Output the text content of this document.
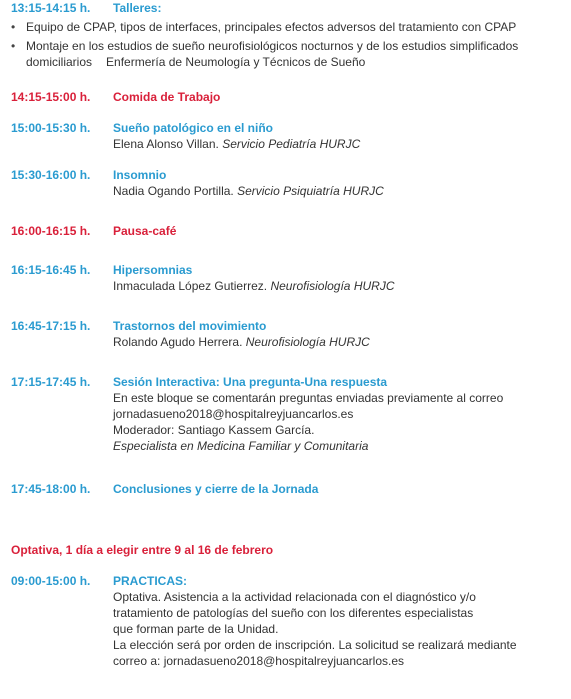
13:15-14:15 h. Talleres:
• Equipo de CPAP, tipos de interfaces, principales efectos adversos del tratamiento con CPAP
• Montaje en los estudios de sueño neurofisiológicos nocturnos y de los estudios simplificados
domiciliarios Enfermería de Neumología y Técnicos de Sueño
14:15-15:00 h. Comida de Trabajo
15:00-15:30 h. Sueño patológico en el niño
Elena Alonso Villan. Servicio Pediatría HURJC
15:30-16:00 h. Insomnio
Nadia Ogando Portilla. Servicio Psiquiatría HURJC
16:00-16:15 h. Pausa-café
16:15-16:45 h. Hipersomnias
Inmaculada López Gutierrez. Neurofisiología HURJC
16:45-17:15 h. Trastornos del movimiento
Rolando Agudo Herrera. Neurofisiología HURJC
17:15-17:45 h. Sesión Interactiva: Una pregunta-Una respuesta
En este bloque se comentarán preguntas enviadas previamente al correo
jornadasueno2018@hospitalreyjuancarlos.es
Moderador: Santiago Kassem García.
Especialista en Medicina Familiar y Comunitaria
17:45-18:00 h. Conclusiones y cierre de la Jornada
Optativa, 1 día a elegir entre 9 al 16 de febrero
09:00-15:00 h. PRACTICAS:
Optativa. Asistencia a la actividad relacionada con el diagnóstico y/o
tratamiento de patologías del sueño con los diferentes especialistas
que forman parte de la Unidad.
La elección será por orden de inscripción. La solicitud se realizará mediante
correo a: jornadasueno2018@hospitalreyjuancarlos.es
